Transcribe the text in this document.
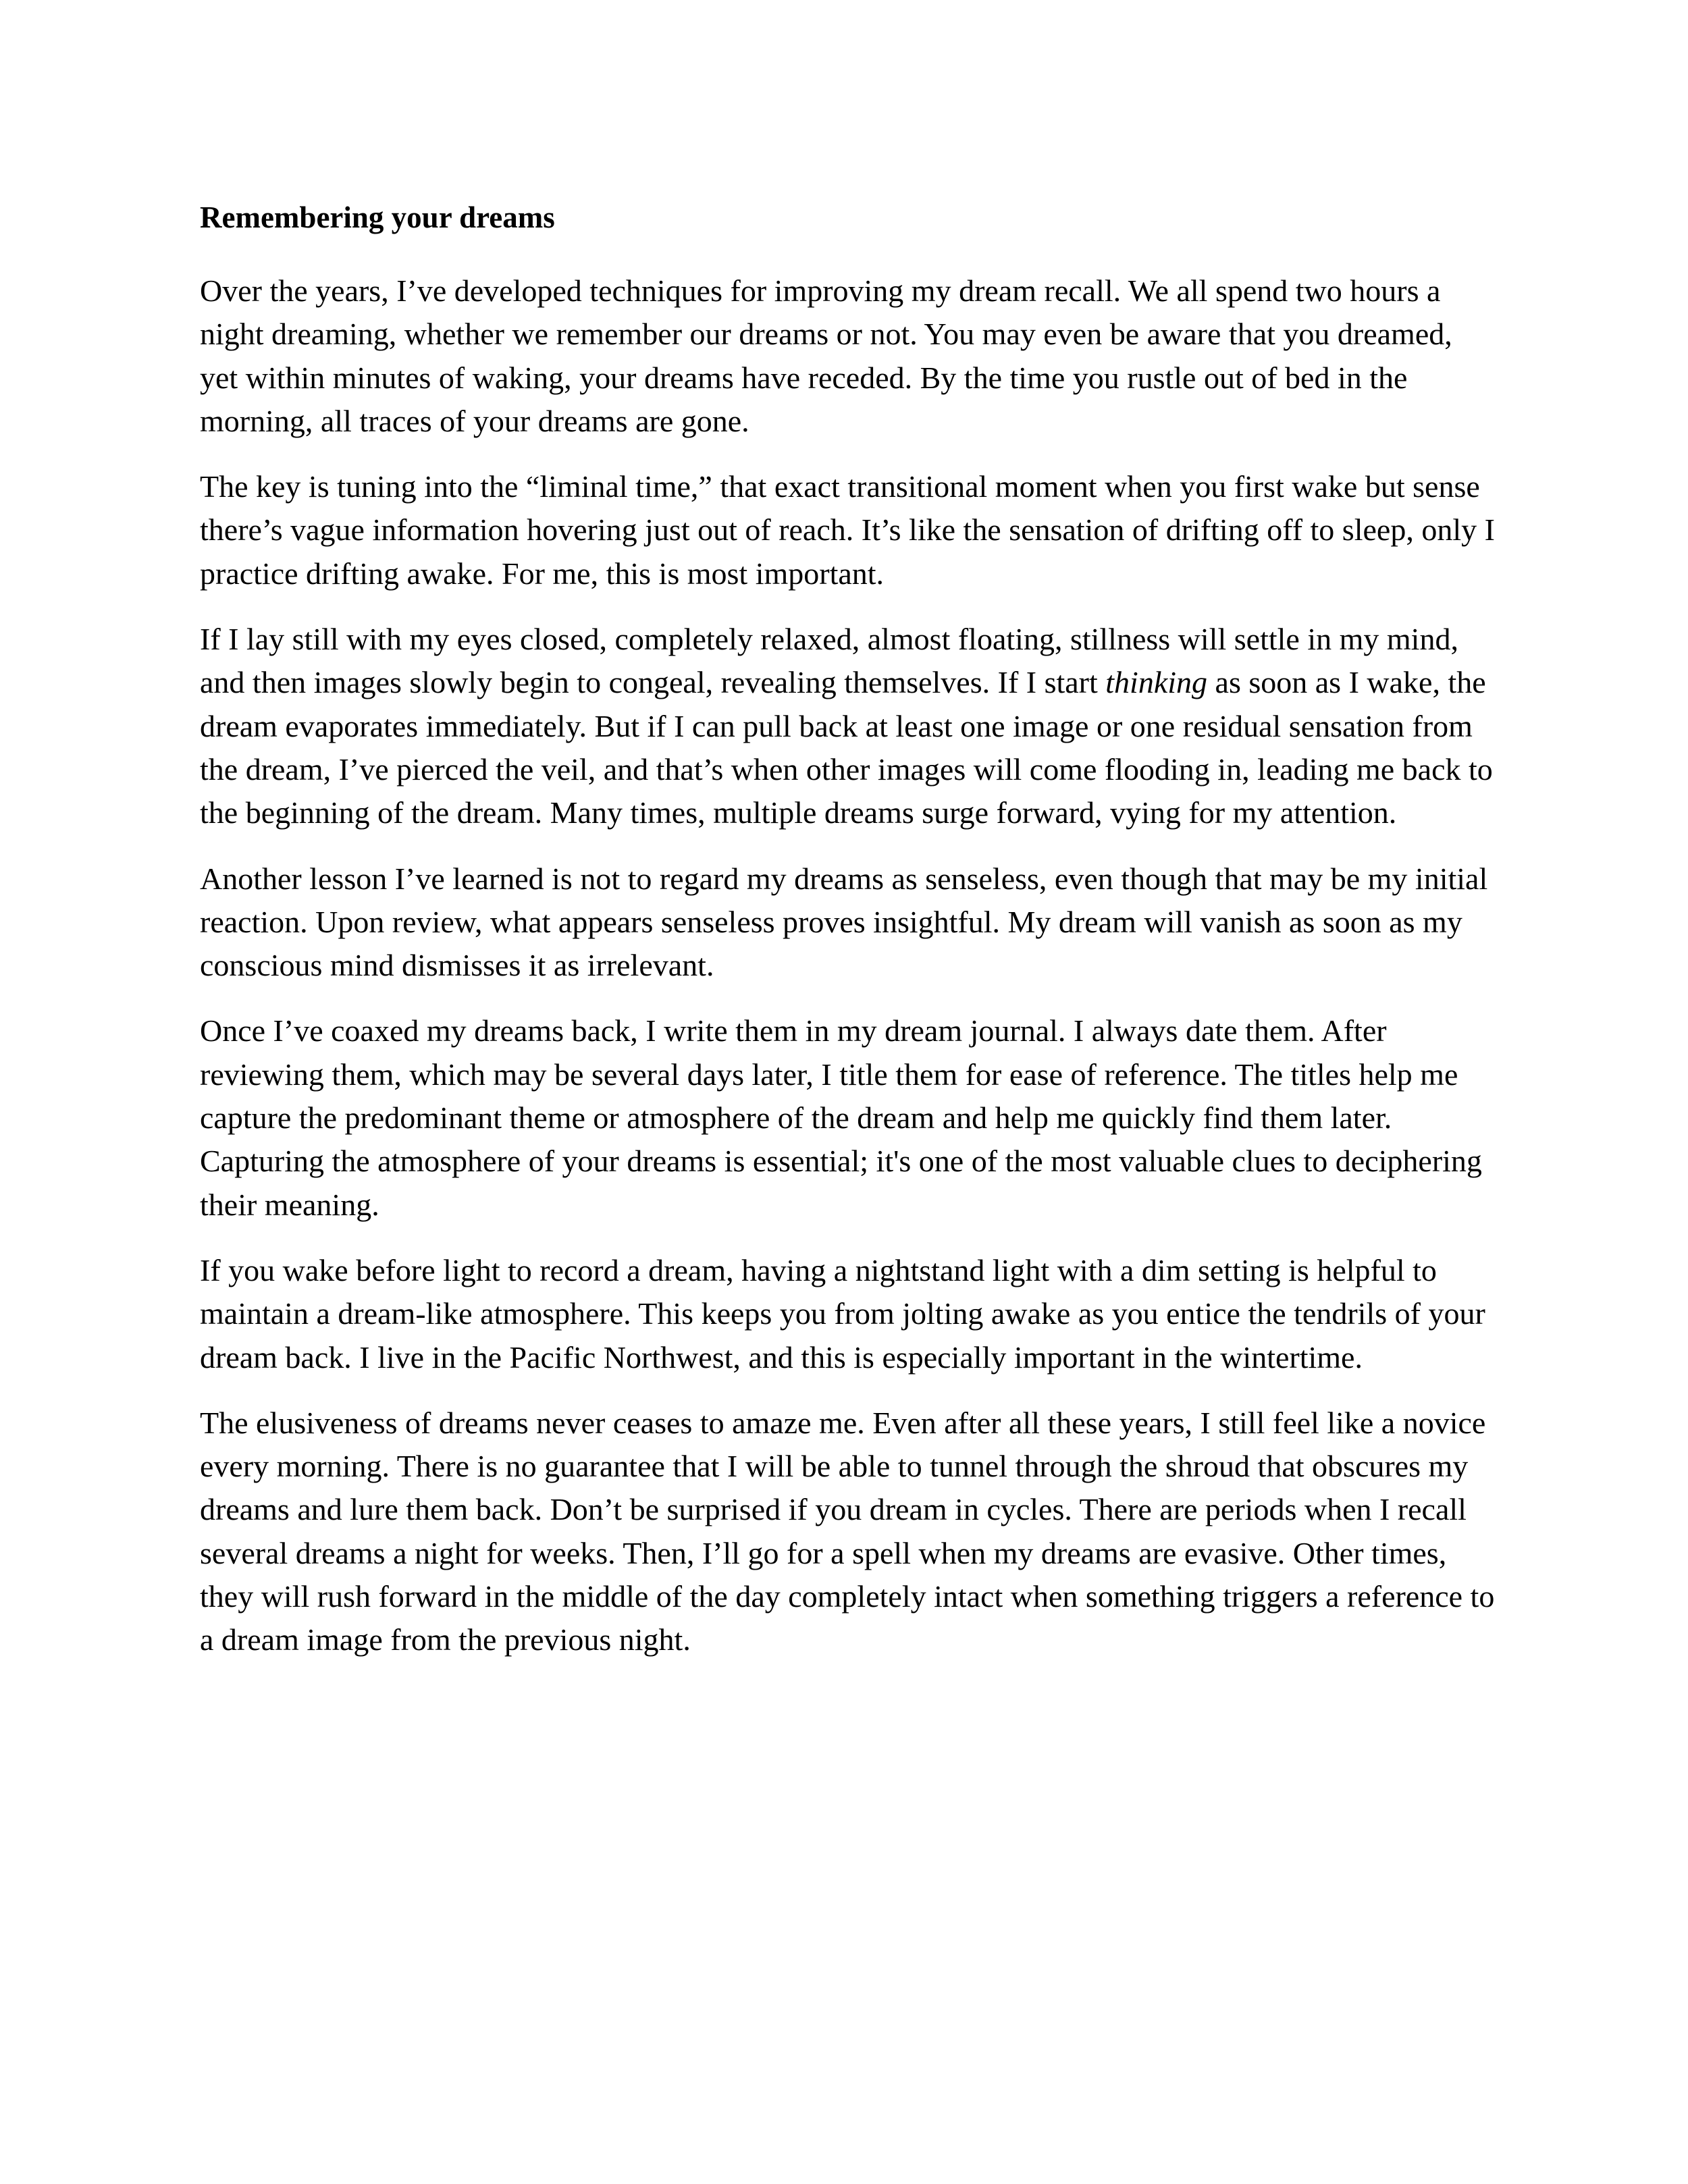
Remembering your dreams

Over the years, I’ve developed techniques for improving my dream recall. We all spend two hours a night dreaming, whether we remember our dreams or not. You may even be aware that you dreamed, yet within minutes of waking, your dreams have receded. By the time you rustle out of bed in the morning, all traces of your dreams are gone.

The key is tuning into the “liminal time,” that exact transitional moment when you first wake but sense there’s vague information hovering just out of reach. It’s like the sensation of drifting off to sleep, only I practice drifting awake. For me, this is most important.

If I lay still with my eyes closed, completely relaxed, almost floating, stillness will settle in my mind, and then images slowly begin to congeal, revealing themselves. If I start thinking as soon as I wake, the dream evaporates immediately. But if I can pull back at least one image or one residual sensation from the dream, I’ve pierced the veil, and that’s when other images will come flooding in, leading me back to the beginning of the dream. Many times, multiple dreams surge forward, vying for my attention.

Another lesson I’ve learned is not to regard my dreams as senseless, even though that may be my initial reaction. Upon review, what appears senseless proves insightful. My dream will vanish as soon as my conscious mind dismisses it as irrelevant.

Once I’ve coaxed my dreams back, I write them in my dream journal. I always date them. After reviewing them, which may be several days later, I title them for ease of reference. The titles help me capture the predominant theme or atmosphere of the dream and help me quickly find them later. Capturing the atmosphere of your dreams is essential; it's one of the most valuable clues to deciphering their meaning.

If you wake before light to record a dream, having a nightstand light with a dim setting is helpful to maintain a dream-like atmosphere. This keeps you from jolting awake as you entice the tendrils of your dream back. I live in the Pacific Northwest, and this is especially important in the wintertime.

The elusiveness of dreams never ceases to amaze me. Even after all these years, I still feel like a novice every morning. There is no guarantee that I will be able to tunnel through the shroud that obscures my dreams and lure them back. Don’t be surprised if you dream in cycles. There are periods when I recall several dreams a night for weeks. Then, I’ll go for a spell when my dreams are evasive. Other times, they will rush forward in the middle of the day completely intact when something triggers a reference to a dream image from the previous night.
